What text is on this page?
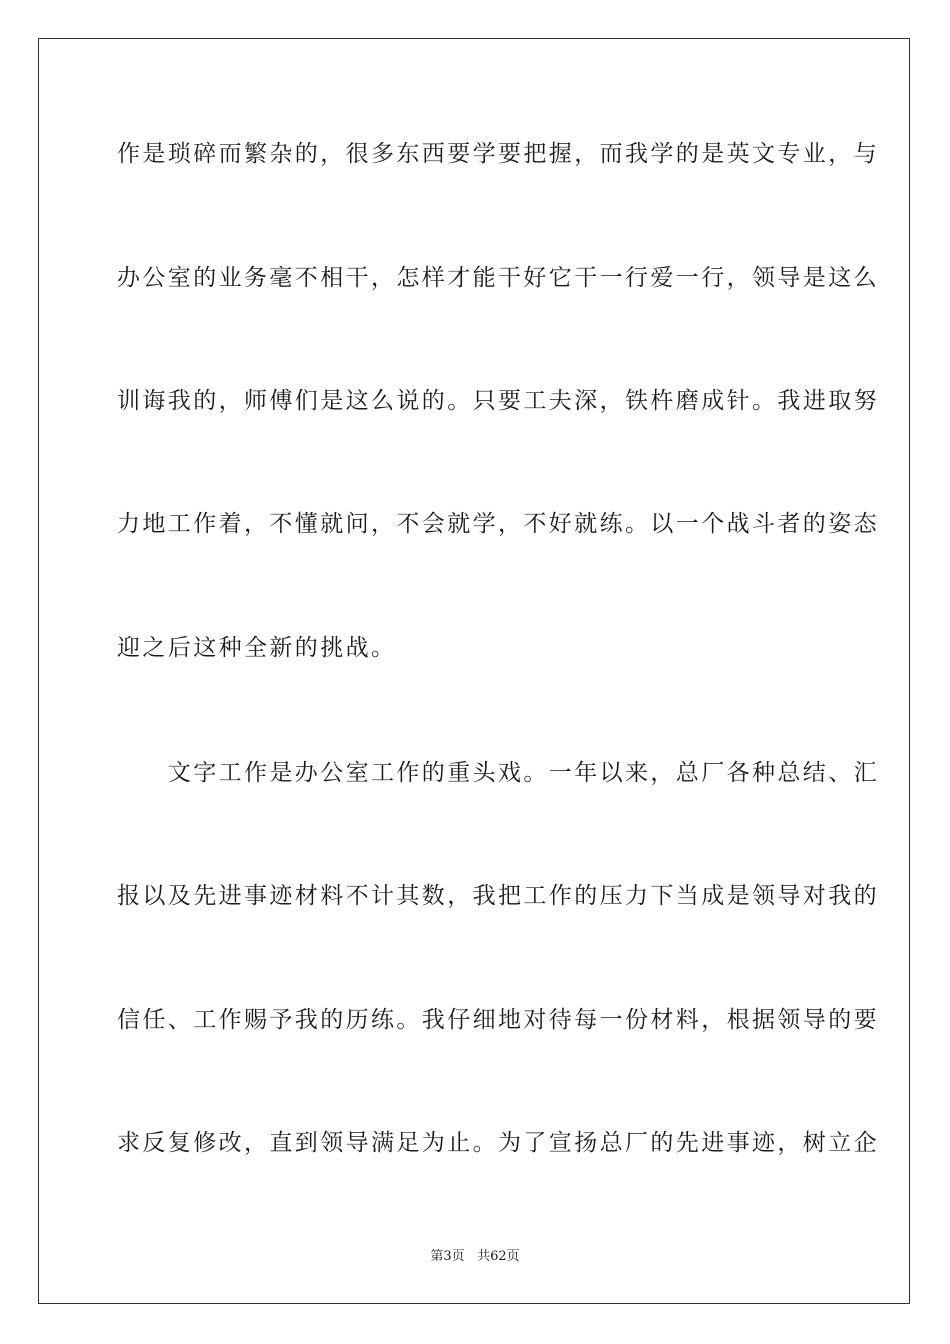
作是琐碎而繁杂的，很多东西要学要把握，而我学的是英文专业，与
办公室的业务毫不相干，怎样才能干好它干一行爱一行，领导是这么
训诲我的，师傅们是这么说的。只要工夫深，铁杵磨成针。我进取努
力地工作着，不懂就问，不会就学，不好就练。以一个战斗者的姿态
迎之后这种全新的挑战。
　　文字工作是办公室工作的重头戏。一年以来，总厂各种总结、汇
报以及先进事迹材料不计其数，我把工作的压力下当成是领导对我的
信任、工作赐予我的历练。我仔细地对待每一份材料，根据领导的要
求反复修改，直到领导满足为止。为了宣扬总厂的先进事迹，树立企
第3页 共62页
